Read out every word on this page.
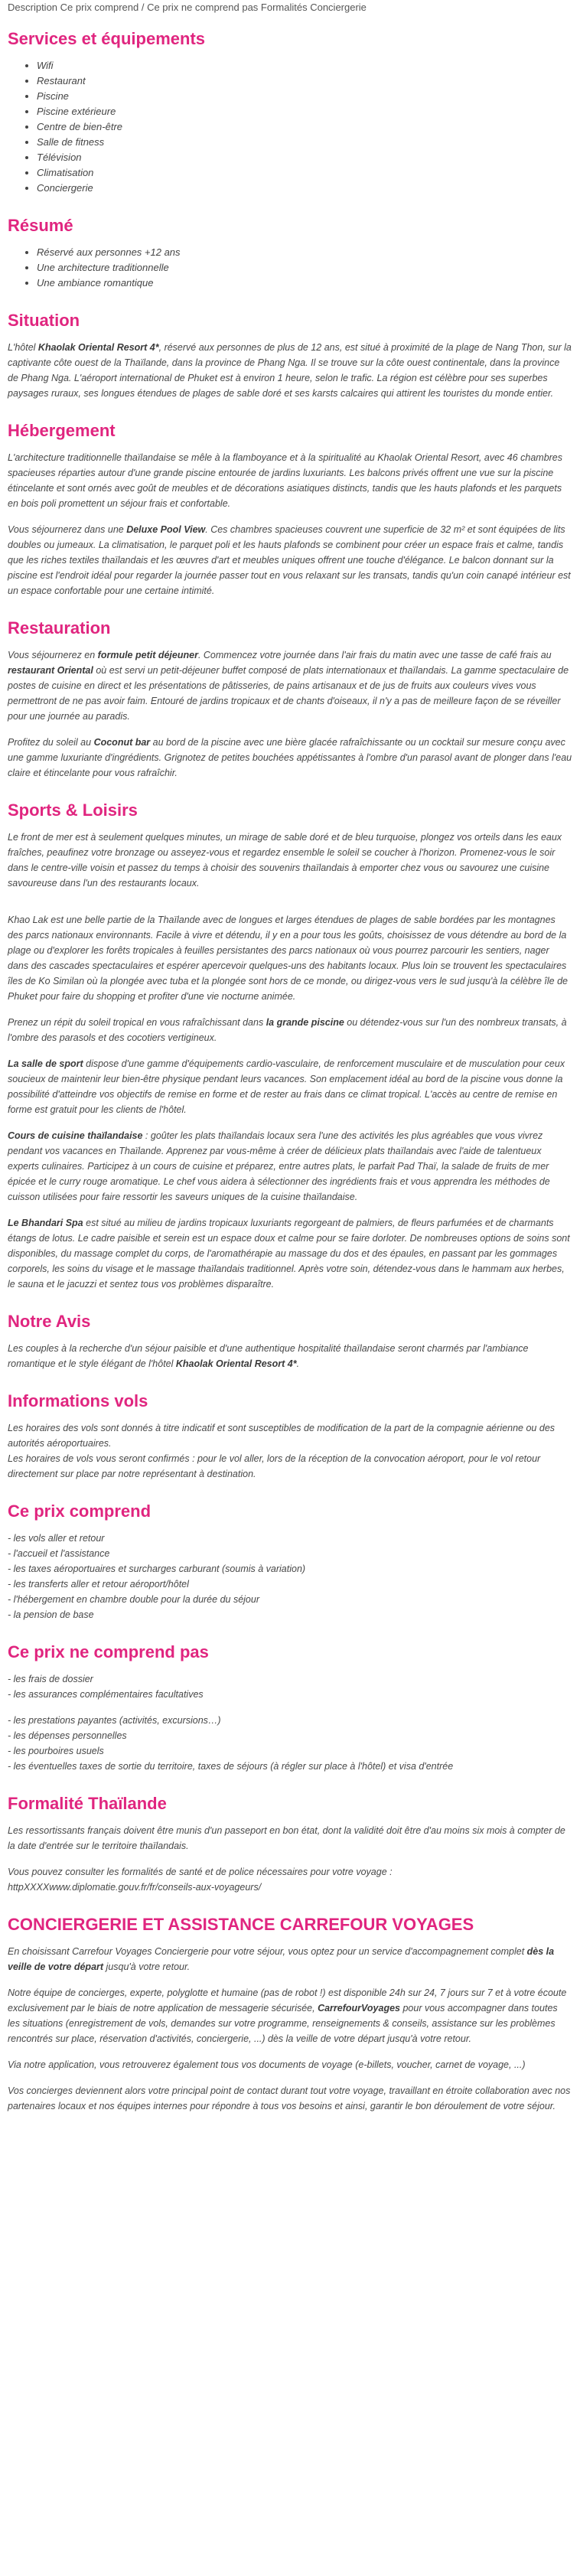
Description Ce prix comprend / Ce prix ne comprend pas Formalités Conciergerie
Services et équipements
• Wifi
• Restaurant
• Piscine
• Piscine extérieure
• Centre de bien-être
• Salle de fitness
• Télévision
• Climatisation
• Conciergerie
Résumé
• Réservé aux personnes +12 ans
• Une architecture traditionnelle
• Une ambiance romantique
Situation

L'hôtel Khaolak Oriental Resort 4*, réservé aux personnes de plus de 12 ans, est situé à proximité de la plage de Nang Thon, sur la captivante côte ouest de la Thaïlande, dans la province de Phang Nga. Il se trouve sur la côte ouest continentale, dans la province de Phang Nga. L'aéroport international de Phuket est à environ 1 heure, selon le trafic. La région est célèbre pour ses superbes paysages ruraux, ses longues étendues de plages de sable doré et ses karsts calcaires qui attirent les touristes du monde entier.

Hébergement

L'architecture traditionnelle thaïlandaise se mêle à la flamboyance et à la spiritualité au Khaolak Oriental Resort, avec 46 chambres spacieuses réparties autour d'une grande piscine entourée de jardins luxuriants. Les balcons privés offrent une vue sur la piscine étincelante et sont ornés avec goût de meubles et de décorations asiatiques distincts, tandis que les hauts plafonds et les parquets en bois poli promettent un séjour frais et confortable.

Vous séjournerez dans une Deluxe Pool View. Ces chambres spacieuses couvrent une superficie de 32 m² et sont équipées de lits doubles ou jumeaux. La climatisation, le parquet poli et les hauts plafonds se combinent pour créer un espace frais et calme, tandis que les riches textiles thaïlandais et les œuvres d'art et meubles uniques offrent une touche d'élégance. Le balcon donnant sur la piscine est l'endroit idéal pour regarder la journée passer tout en vous relaxant sur les transats, tandis qu'un coin canapé intérieur est un espace confortable pour une certaine intimité.

Restauration

Vous séjournerez en formule petit déjeuner. Commencez votre journée dans l'air frais du matin avec une tasse de café frais au restaurant Oriental où est servi un petit-déjeuner buffet composé de plats internationaux et thaïlandais. La gamme spectaculaire de postes de cuisine en direct et les présentations de pâtisseries, de pains artisanaux et de jus de fruits aux couleurs vives vous permettront de ne pas avoir faim. Entouré de jardins tropicaux et de chants d'oiseaux, il n'y a pas de meilleure façon de se réveiller pour une journée au paradis.

Profitez du soleil au Coconut bar au bord de la piscine avec une bière glacée rafraîchissante ou un cocktail sur mesure conçu avec une gamme luxuriante d'ingrédients. Grignotez de petites bouchées appétissantes à l'ombre d'un parasol avant de plonger dans l'eau claire et étincelante pour vous rafraîchir.

Sports & Loisirs

Le front de mer est à seulement quelques minutes, un mirage de sable doré et de bleu turquoise, plongez vos orteils dans les eaux fraîches, peaufinez votre bronzage ou asseyez-vous et regardez ensemble le soleil se coucher à l'horizon. Promenez-vous le soir dans le centre-ville voisin et passez du temps à choisir des souvenirs thaïlandais à emporter chez vous ou savourez une cuisine savoureuse dans l'un des restaurants locaux.

Khao Lak est une belle partie de la Thaïlande avec de longues et larges étendues de plages de sable bordées par les montagnes des parcs nationaux environnants. Facile à vivre et détendu, il y en a pour tous les goûts, choisissez de vous détendre au bord de la plage ou d'explorer les forêts tropicales à feuilles persistantes des parcs nationaux où vous pourrez parcourir les sentiers, nager dans des cascades spectaculaires et espérer apercevoir quelques-uns des habitants locaux. Plus loin se trouvent les spectaculaires îles de Ko Similan où la plongée avec tuba et la plongée sont hors de ce monde, ou dirigez-vous vers le sud jusqu'à la célèbre île de Phuket pour faire du shopping et profiter d'une vie nocturne animée.

Prenez un répit du soleil tropical en vous rafraîchissant dans la grande piscine ou détendez-vous sur l'un des nombreux transats, à l'ombre des parasols et des cocotiers vertigineux.

La salle de sport dispose d'une gamme d'équipements cardio-vasculaire, de renforcement musculaire et de musculation pour ceux soucieux de maintenir leur bien-être physique pendant leurs vacances. Son emplacement idéal au bord de la piscine vous donne la possibilité d'atteindre vos objectifs de remise en forme et de rester au frais dans ce climat tropical. L'accès au centre de remise en forme est gratuit pour les clients de l'hôtel.

Cours de cuisine thaïlandaise : goûter les plats thaïlandais locaux sera l'une des activités les plus agréables que vous vivrez pendant vos vacances en Thaïlande. Apprenez par vous-même à créer de délicieux plats thaïlandais avec l'aide de talentueux experts culinaires. Participez à un cours de cuisine et préparez, entre autres plats, le parfait Pad Thaï, la salade de fruits de mer épicée et le curry rouge aromatique. Le chef vous aidera à sélectionner des ingrédients frais et vous apprendra les méthodes de cuisson utilisées pour faire ressortir les saveurs uniques de la cuisine thaïlandaise.

Le Bhandari Spa est situé au milieu de jardins tropicaux luxuriants regorgeant de palmiers, de fleurs parfumées et de charmants étangs de lotus. Le cadre paisible et serein est un espace doux et calme pour se faire dorloter. De nombreuses options de soins sont disponibles, du massage complet du corps, de l'aromathérapie au massage du dos et des épaules, en passant par les gommages corporels, les soins du visage et le massage thaïlandais traditionnel. Après votre soin, détendez-vous dans le hammam aux herbes, le sauna et le jacuzzi et sentez tous vos problèmes disparaître.

Notre Avis

Les couples à la recherche d'un séjour paisible et d'une authentique hospitalité thaïlandaise seront charmés par l'ambiance romantique et le style élégant de l'hôtel Khaolak Oriental Resort 4*.

Informations vols

Les horaires des vols sont donnés à titre indicatif et sont susceptibles de modification de la part de la compagnie aérienne ou des autorités aéroportuaires.

Les horaires de vols vous seront confirmés : pour le vol aller, lors de la réception de la convocation aéroport, pour le vol retour directement sur place par notre représentant à destination.

Ce prix comprend
- les vols aller et retour
- l'accueil et l'assistance
- les taxes aéroportuaires et surcharges carburant (soumis à variation)
- les transferts aller et retour aéroport/hôtel
- l'hébergement en chambre double pour la durée du séjour
- la pension de base
Ce prix ne comprend pas
- les frais de dossier
- les assurances complémentaires facultatives
- les prestations payantes (activités, excursions…)
- les dépenses personnelles
- les pourboires usuels
- les éventuelles taxes de sortie du territoire, taxes de séjours (à régler sur place à l'hôtel) et visa d'entrée
Formalité Thaïlande

Les ressortissants français doivent être munis d'un passeport en bon état, dont la validité doit être d'au moins six mois à compter de la date d'entrée sur le territoire thaïlandais.

Vous pouvez consulter les formalités de santé et de police nécessaires pour votre voyage :

httpXXXXwww.diplomatie.gouv.fr/fr/conseils-aux-voyageurs/

CONCIERGERIE ET ASSISTANCE CARREFOUR VOYAGES

En choisissant Carrefour Voyages Conciergerie pour votre séjour, vous optez pour un service d'accompagnement complet dès la veille de votre départ jusqu'à votre retour.

Notre équipe de concierges, experte, polyglotte et humaine (pas de robot !) est disponible 24h sur 24, 7 jours sur 7 et à votre écoute exclusivement par le biais de notre application de messagerie sécurisée, CarrefourVoyages pour vous accompagner dans toutes les situations (enregistrement de vols, demandes sur votre programme, renseignements & conseils, assistance sur les problèmes rencontrés sur place, réservation d'activités, conciergerie, ...) dès la veille de votre départ jusqu'à votre retour.

Via notre application, vous retrouverez également tous vos documents de voyage (e-billets, voucher, carnet de voyage, ...)

Vos concierges deviennent alors votre principal point de contact durant tout votre voyage, travaillant en étroite collaboration avec nos partenaires locaux et nos équipes internes pour répondre à tous vos besoins et ainsi, garantir le bon déroulement de votre séjour.
